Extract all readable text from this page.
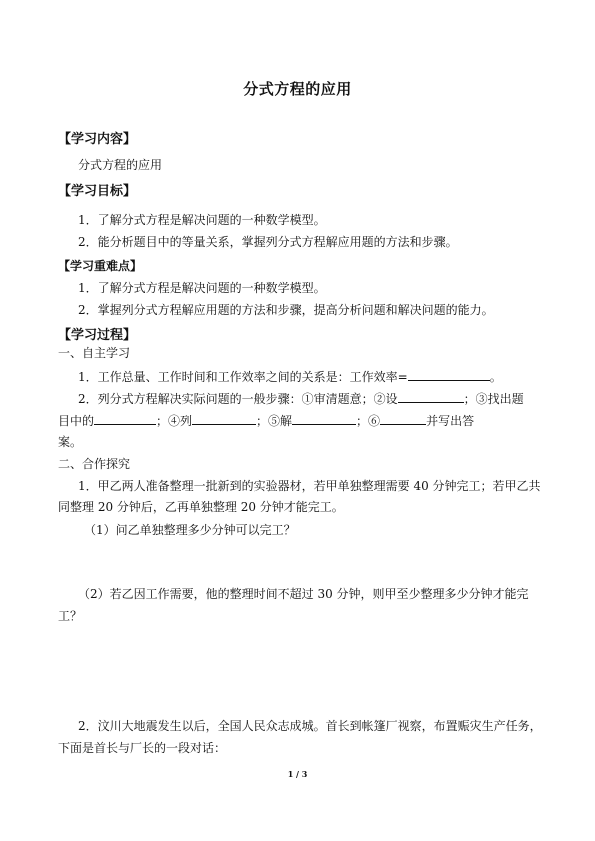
分式方程的应用
【学习内容】
分式方程的应用
【学习目标】
1．了解分式方程是解决问题的一种数学模型。
2．能分析题目中的等量关系，掌握列分式方程解应用题的方法和步骤。
【学习重难点】
1．了解分式方程是解决问题的一种数学模型。
2．掌握列分式方程解应用题的方法和步骤，提高分析问题和解决问题的能力。
【学习过程】
一、自主学习
1．工作总量、工作时间和工作效率之间的关系是：工作效率=	。
2．列分式方程解决实际问题的一般步骤：①审清题意；②设	；③找出题
目中的	；④列	；⑤解	；⑥	并写出答
案。
二、合作探究
1．甲乙两人准备整理一批新到的实验器材，若甲单独整理需要 40 分钟完工；若甲乙共
同整理 20 分钟后，乙再单独整理 20 分钟才能完工。
（1）问乙单独整理多少分钟可以完工？
（2）若乙因工作需要，他的整理时间不超过 30 分钟，则甲至少整理多少分钟才能完
工？
2．汶川大地震发生以后，全国人民众志成城。首长到帐篷厂视察，布置赈灾生产任务，
下面是首长与厂长的一段对话：
1 / 3
